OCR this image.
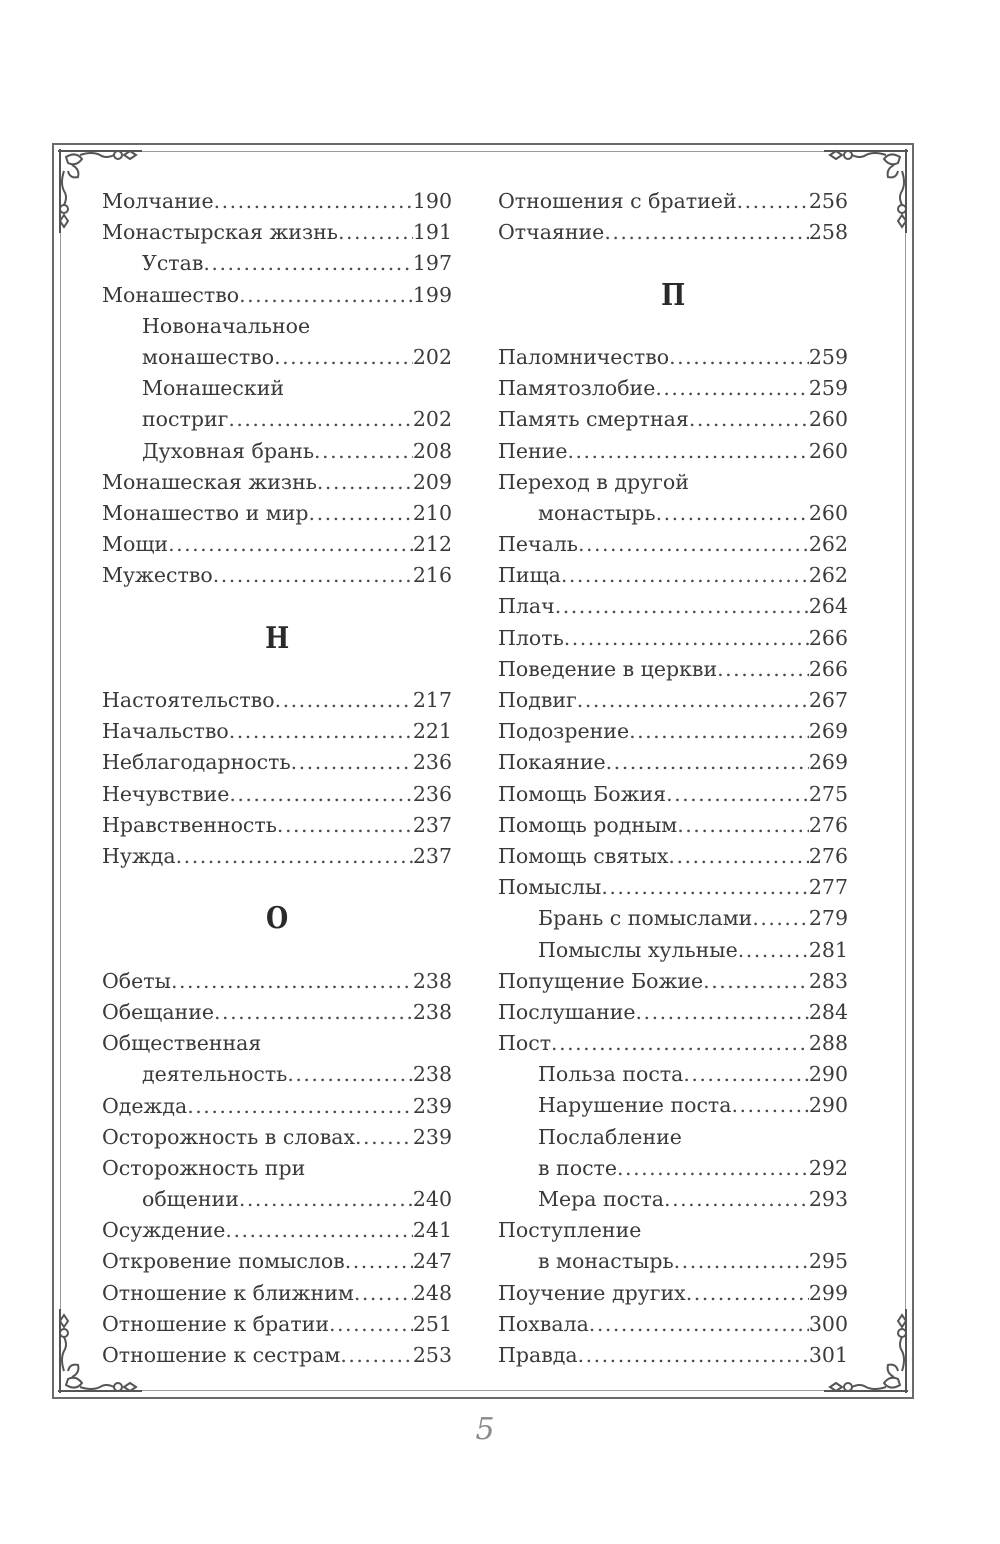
Молчание .....	190
Монастырская жизнь .....	191
Устав .....	197
Монашество .....	199
Новоначальное
монашество .....	202
Монашеский
постриг .....	202
Духовная брань .....	208
Монашеская жизнь .....	209
Монашество и мир .....	210
Мощи .....	212
Мужество .....	216
Н
Настоятельство .....	217
Начальство .....	221
Неблагодарность .....	236
Нечувствие .....	236
Нравственность .....	237
Нужда .....	237
О
Обеты .....	238
Обещание .....	238
Общественная
деятельность .....	238
Одежда .....	239
Осторожность в словах .....	239
Осторожность при
общении .....	240
Осуждение .....	241
Откровение помыслов .....	247
Отношение к ближним .....	248
Отношение к братии .....	251
Отношение к сестрам .....	253
Отношения с братией .....	256
Отчаяние .....	258
П
Паломничество .....	259
Памятозлобие .....	259
Память смертная .....	260
Пение .....	260
Переход в другой
монастырь .....	260
Печаль .....	262
Пища .....	262
Плач .....	264
Плоть .....	266
Поведение в церкви .....	266
Подвиг .....	267
Подозрение .....	269
Покаяние .....	269
Помощь Божия .....	275
Помощь родным .....	276
Помощь святых .....	276
Помыслы .....	277
Брань с помыслами .....	279
Помыслы хульные .....	281
Попущение Божие .....	283
Послушание .....	284
Пост .....	288
Польза поста .....	290
Нарушение поста .....	290
Послабление
в посте .....	292
Мера поста .....	293
Поступление
в монастырь .....	295
Поучение других .....	299
Похвала .....	300
Правда .....	301
5
